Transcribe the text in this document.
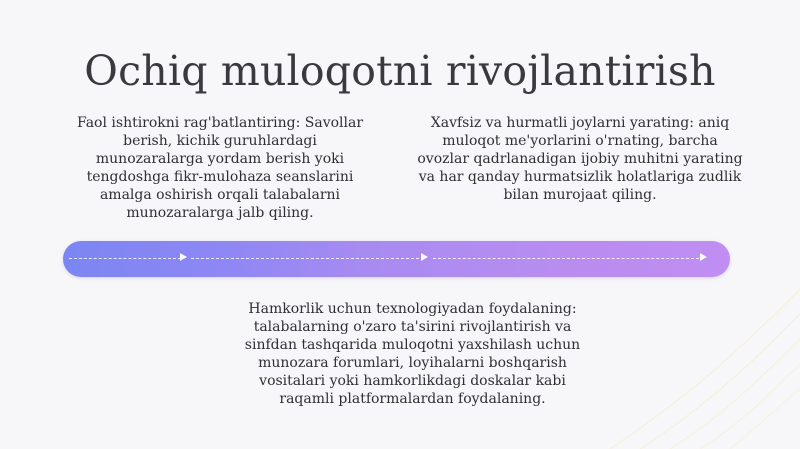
Ochiq muloqotni rivojlantirish
Faol ishtirokni rag'batlantiring: Savollar berish, kichik guruhlardagi munozaralarga yordam berish yoki tengdoshga fikr-mulohaza seanslarini amalga oshirish orqali talabalarni munozaralarga jalb qiling.
Xavfsiz va hurmatli joylarni yarating: aniq muloqot me'yorlarini o'rnating, barcha ovozlar qadrlanadigan ijobiy muhitni yarating va har qanday hurmatsizlik holatlariga zudlik bilan murojaat qiling.
Hamkorlik uchun texnologiyadan foydalaning: talabalarning o'zaro ta'sirini rivojlantirish va sinfdan tashqarida muloqotni yaxshilash uchun munozara forumlari, loyihalarni boshqarish vositalari yoki hamkorlikdagi doskalar kabi raqamli platformalardan foydalaning.
